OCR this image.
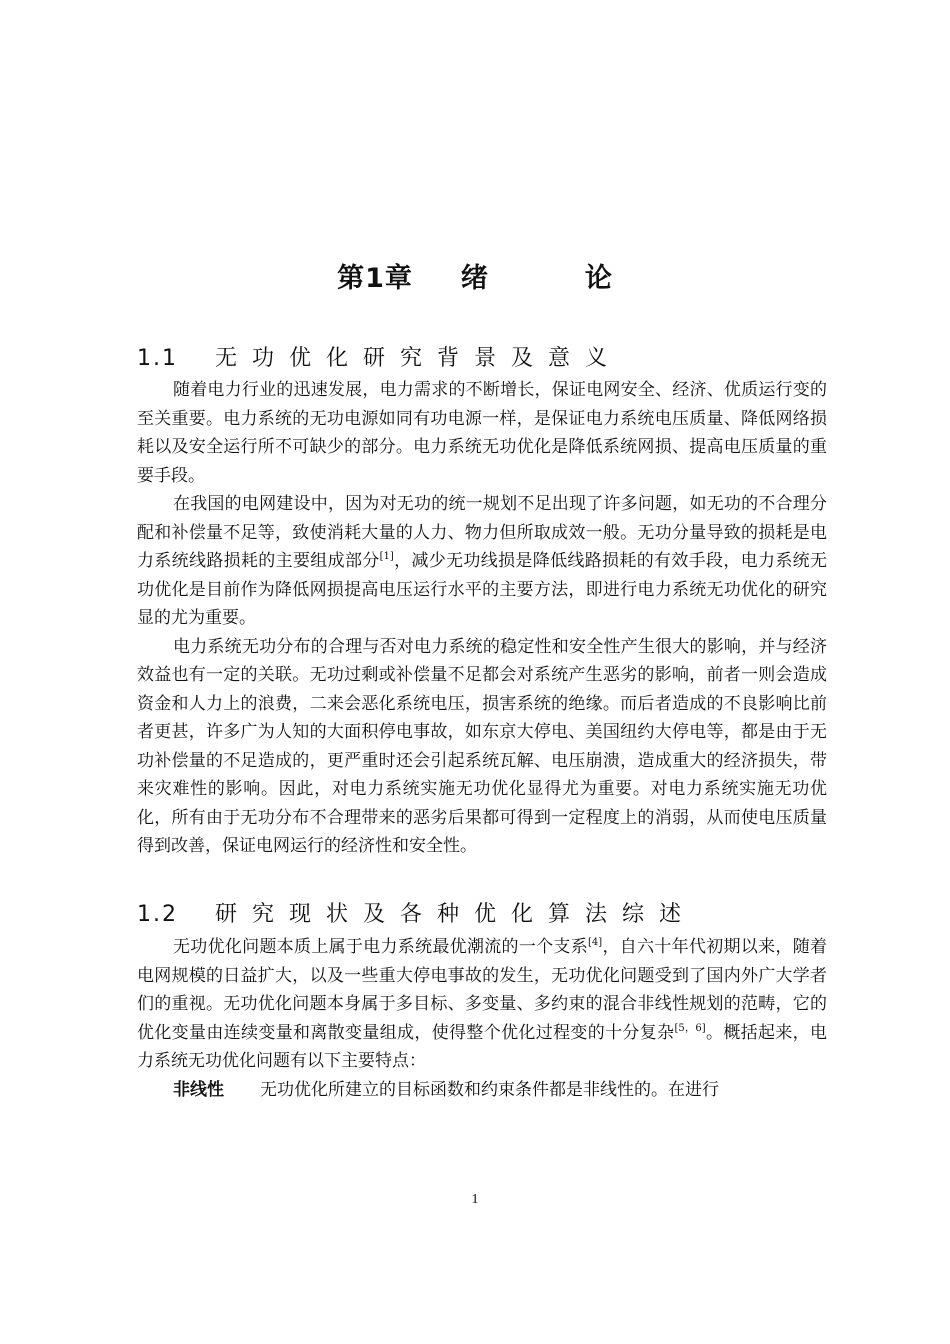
第1章 绪	论
1.1 无功优化研究背景及意义

随着电力行业的迅速发展，电力需求的不断增长，保证电网安全、经济、优质运行变的至关重要。电力系统的无功电源如同有功电源一样，是保证电力系统电压质量、降低网络损耗以及安全运行所不可缺少的部分。电力系统无功优化是降低系统网损、提高电压质量的重要手段。

在我国的电网建设中，因为对无功的统一规划不足出现了许多问题，如无功的不合理分配和补偿量不足等，致使消耗大量的人力、物力但所取成效一般。无功分量导致的损耗是电力系统线路损耗的主要组成部分[1]，减少无功线损是降低线路损耗的有效手段，电力系统无功优化是目前作为降低网损提高电压运行水平的主要方法，即进行电力系统无功优化的研究显的尤为重要。

电力系统无功分布的合理与否对电力系统的稳定性和安全性产生很大的影响，并与经济效益也有一定的关联。无功过剩或补偿量不足都会对系统产生恶劣的影响，前者一则会造成资金和人力上的浪费，二来会恶化系统电压，损害系统的绝缘。而后者造成的不良影响比前者更甚，许多广为人知的大面积停电事故，如东京大停电、美国纽约大停电等，都是由于无功补偿量的不足造成的，更严重时还会引起系统瓦解、电压崩溃，造成重大的经济损失，带来灾难性的影响。因此，对电力系统实施无功优化显得尤为重要。对电力系统实施无功优化，所有由于无功分布不合理带来的恶劣后果都可得到一定程度上的消弱，从而使电压质量得到改善，保证电网运行的经济性和安全性。

1.2 研究现状及各种优化算法综述

无功优化问题本质上属于电力系统最优潮流的一个支系[4]，自六十年代初期以来，随着电网规模的日益扩大，以及一些重大停电事故的发生，无功优化问题受到了国内外广大学者们的重视。无功优化问题本身属于多目标、多变量、多约束的混合非线性规划的范畴，它的优化变量由连续变量和离散变量组成，使得整个优化过程变的十分复杂[5，6]。概括起来，电力系统无功优化问题有以下主要特点：

非线性 无功优化所建立的目标函数和约束条件都是非线性的。在进行

1
